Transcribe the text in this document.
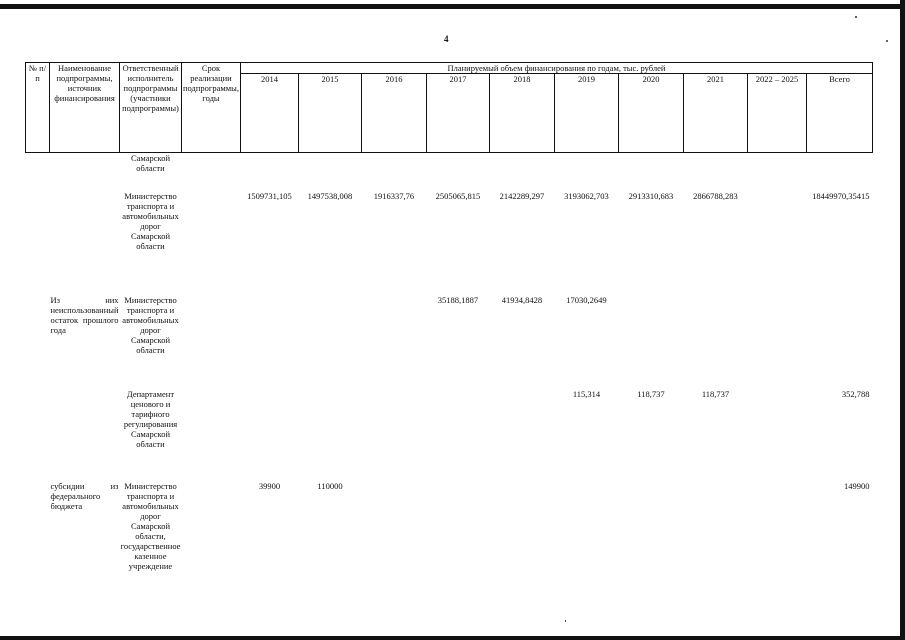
4
№ п/п	Наименование подпрограммы, источник финансирования	Ответственный исполнитель подпрограммы (участники подпрограммы)	Срок реализации подпрограммы, годы	Планируемый объем финансирования по годам, тыс. рублей									
				2014	2015	2016	2017	2018	2019	2020	2021	2022 – 2025	Всего
		Самарской области											

		Министерство транспорта и автомобильных дорог Самарской области		1509731,105	1497538,008	1916337,76	2505065,815	2142289,297	3193062,703	2913310,683	2866788,283		18449970,35415

	Из них неиспользованный остаток прошлого года	Министерство транспорта и автомобильных дорог Самарской области					35188,1887	41934,8428	17030,2649				

		Департамент ценового и тарифного регулирования Самарской области							115,314	118,737	118,737		352,788

	субсидии из федерального бюджета	Министерство транспорта и автомобильных дорог Самарской области, государственное казенное учреждение		39900	110000								149900
